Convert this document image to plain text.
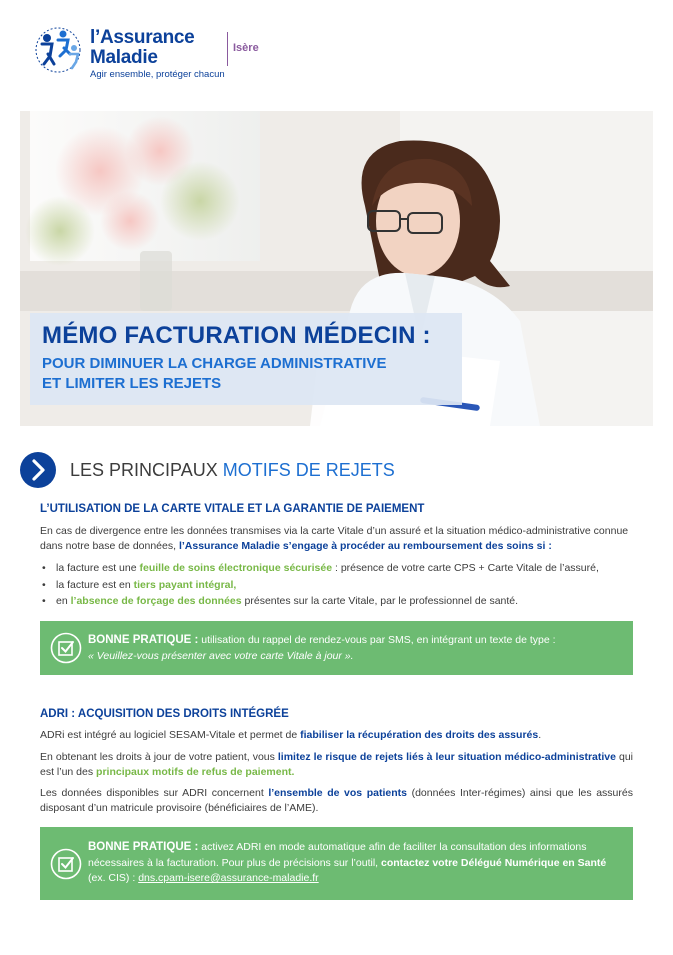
l’Assurance
Maladie
Agir ensemble, protéger chacun
Isère
MÉMO FACTURATION MÉDECIN :
POUR DIMINUER LA CHARGE ADMINISTRATIVE
ET LIMITER LES REJETS
LES PRINCIPAUX MOTIFS DE REJETS
L’UTILISATION DE LA CARTE VITALE ET LA GARANTIE DE PAIEMENT
En cas de divergence entre les données transmises via la carte Vitale d’un assuré et la situation médico-administrative connue dans notre base de données, l’Assurance Maladie s’engage à procéder au remboursement des soins si :
• la facture est une feuille de soins électronique sécurisée : présence de votre carte CPS + Carte Vitale de l’assuré,
• la facture est en tiers payant intégral,
• en l’absence de forçage des données présentes sur la carte Vitale, par le professionnel de santé.
BONNE PRATIQUE : utilisation du rappel de rendez-vous par SMS, en intégrant un texte de type :
« Veuillez-vous présenter avec votre carte Vitale à jour ».
ADRI : ACQUISITION DES DROITS INTÉGRÉE
ADRi est intégré au logiciel SESAM-Vitale et permet de fiabiliser la récupération des droits des assurés.
En obtenant les droits à jour de votre patient, vous limitez le risque de rejets liés à leur situation médico-administrative qui est l’un des principaux motifs de refus de paiement.
Les données disponibles sur ADRI concernent l’ensemble de vos patients (données Inter-régimes) ainsi que les assurés disposant d’un matricule provisoire (bénéficiaires de l’AME).
BONNE PRATIQUE : activez ADRI en mode automatique afin de faciliter la consultation des informations nécessaires à la facturation. Pour plus de précisions sur l’outil, contactez votre Délégué Numérique en Santé (ex. CIS) : dns.cpam-isere@assurance-maladie.fr
